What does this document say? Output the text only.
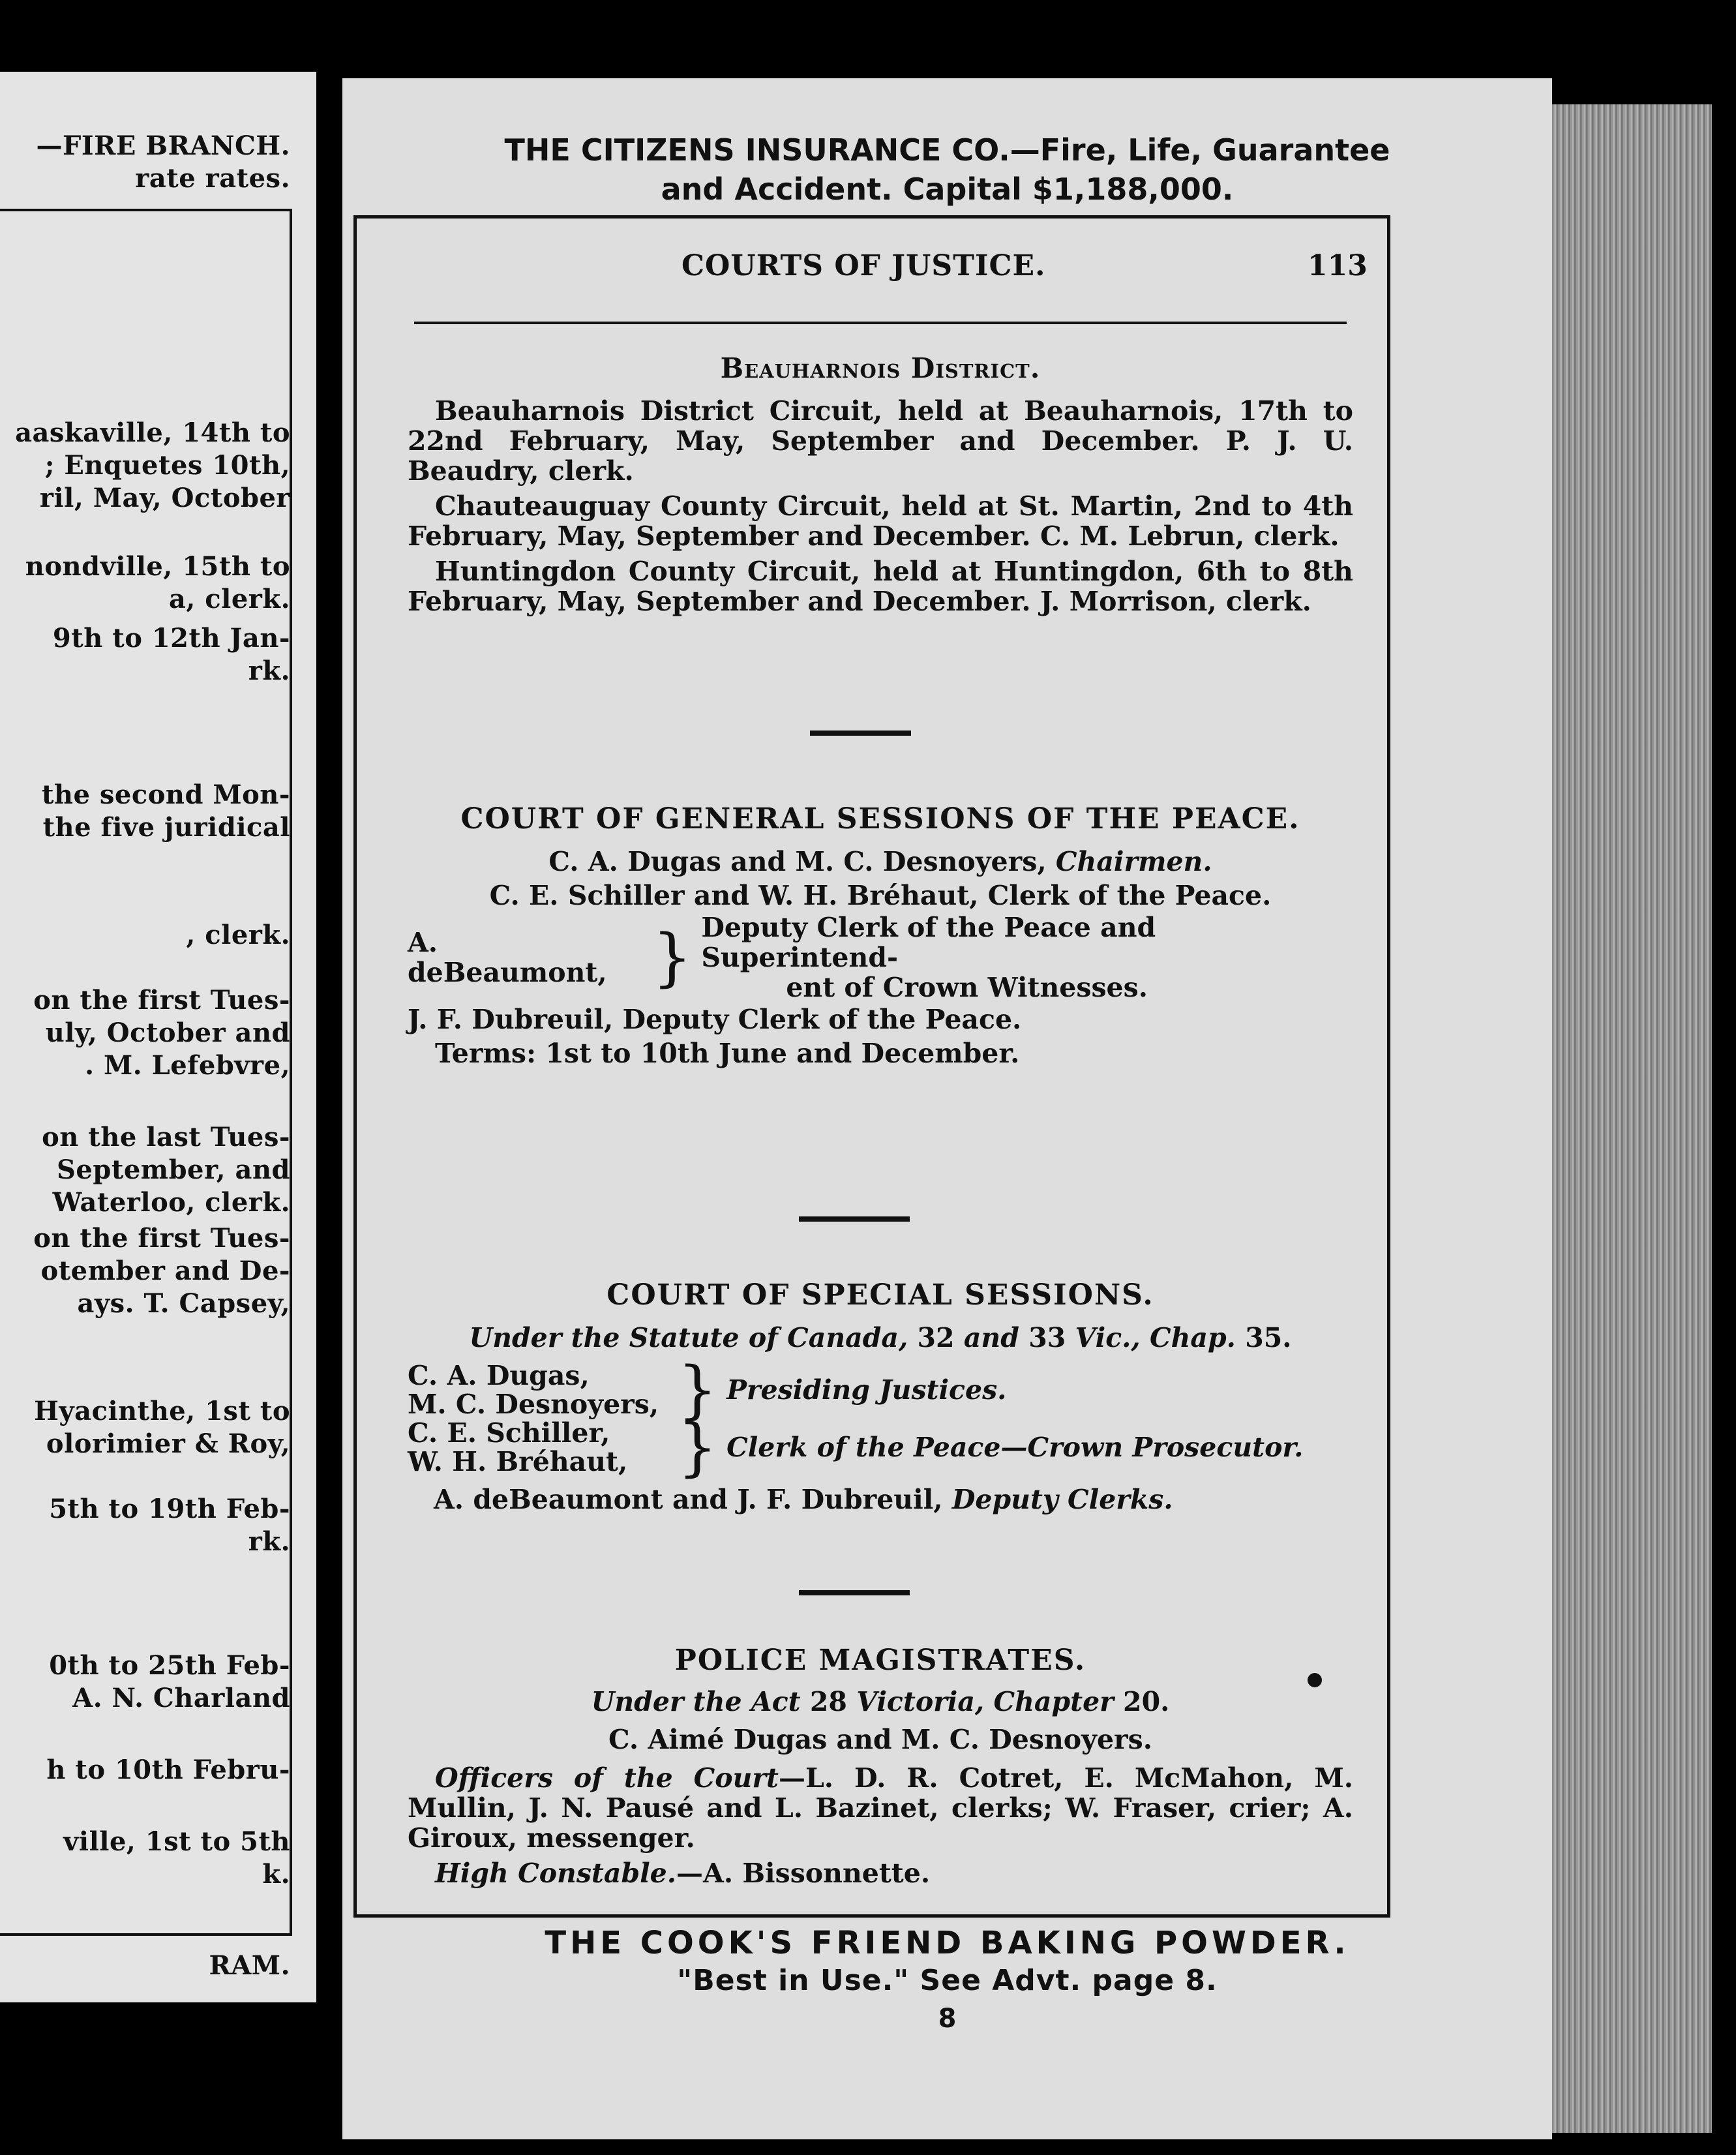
—FIRE BRANCH.
rate rates.
aaskaville, 14th to
; Enquetes 10th,
ril, May, October
nondville, 15th to
a, clerk.
9th to 12th Jan-
rk.
the second Mon-
the five juridical
, clerk.
on the first Tues-
uly, October and
. M. Lefebvre,
on the last Tues-
September, and
Waterloo, clerk.
on the first Tues-
otember and De-
ays. T. Capsey,
Hyacinthe, 1st to
olorimier & Roy,
5th to 19th Feb-
rk.
0th to 25th Feb-
A. N. Charland
h to 10th Febru-
ville, 1st to 5th
k.
RAM.
THE CITIZENS INSURANCE CO.—Fire, Life, Guarantee
and Accident. Capital $1,188,000.
COURTS OF JUSTICE.	113
Beauharnois District.
Beauharnois District Circuit, held at Beauharnois, 17th to 22nd February, May, September and December. P. J. U. Beaudry, clerk.
Chauteauguay County Circuit, held at St. Martin, 2nd to 4th February, May, September and December. C. M. Lebrun, clerk.
Huntingdon County Circuit, held at Huntingdon, 6th to 8th February, May, September and December. J. Morrison, clerk.
COURT OF GENERAL SESSIONS OF THE PEACE.
C. A. Dugas and M. C. Desnoyers, Chairmen.
C. E. Schiller and W. H. Bréhaut, Clerk of the Peace.
A. deBeaumont, } Deputy Clerk of the Peace and Superintend-
ent of Crown Witnesses.
J. F. Dubreuil, Deputy Clerk of the Peace.
Terms: 1st to 10th June and December.
COURT OF SPECIAL SESSIONS.
Under the Statute of Canada, 32 and 33 Vic., Chap. 35.
C. A. Dugas,
M. C. Desnoyers, } Presiding Justices.
C. E. Schiller,
W. H. Bréhaut, } Clerk of the Peace—Crown Prosecutor.
A. deBeaumont and J. F. Dubreuil, Deputy Clerks.
POLICE MAGISTRATES.
Under the Act 28 Victoria, Chapter 20.
C. Aimé Dugas and M. C. Desnoyers.
Officers of the Court—L. D. R. Cotret, E. McMahon, M. Mullin, J. N. Pausé and L. Bazinet, clerks; W. Fraser, crier; A. Giroux, messenger.
High Constable.—A. Bissonnette.
THE COOK'S FRIEND BAKING POWDER.
"Best in Use." See Advt. page 8.
8
